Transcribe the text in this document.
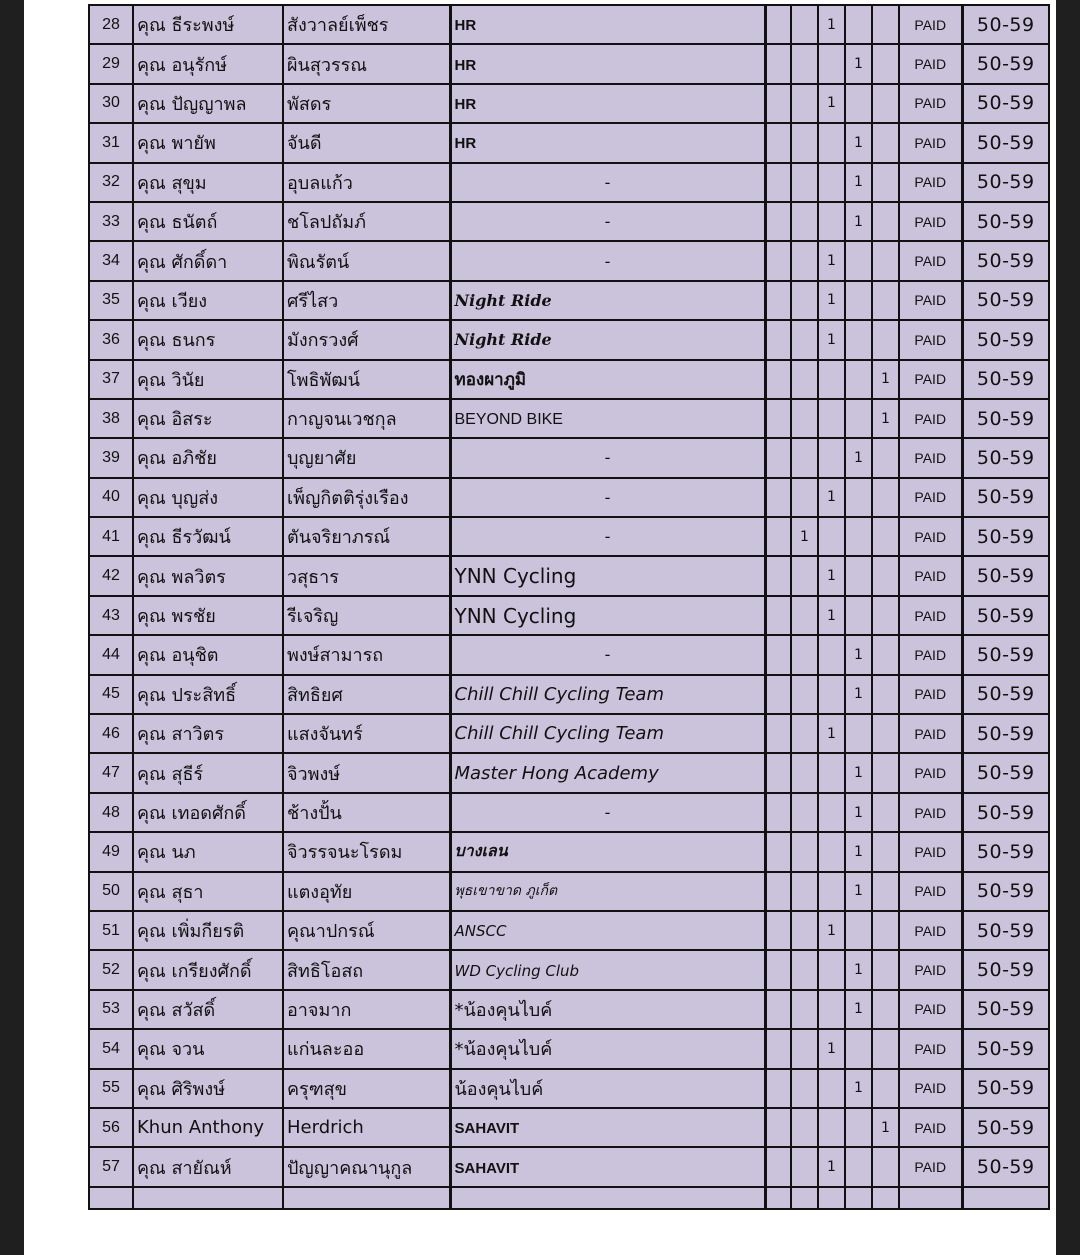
28	คุณ ธีระพงษ์	สังวาลย์เพ็ชร	HR			1			PAID	50-59
29	คุณ อนุรักษ์	ผินสุวรรณ	HR				1		PAID	50-59
30	คุณ ปัญญาพล	พัสดร	HR			1			PAID	50-59
31	คุณ พายัพ	จันดี	HR				1		PAID	50-59
32	คุณ สุขุม	อุบลแก้ว	-				1		PAID	50-59
33	คุณ ธนัตถ์	ชโลปถัมภ์	-				1		PAID	50-59
34	คุณ ศักดิ์ดา	พิณรัตน์	-			1			PAID	50-59
35	คุณ เวียง	ศรีไสว	Night Ride			1			PAID	50-59
36	คุณ ธนกร	มังกรวงศ์	Night Ride			1			PAID	50-59
37	คุณ วินัย	โพธิพัฒน์	ทองผาภูมิ					1	PAID	50-59
38	คุณ อิสระ	กาญจนเวชกุล	BEYOND BIKE					1	PAID	50-59
39	คุณ อภิชัย	บุญยาศัย	-				1		PAID	50-59
40	คุณ บุญส่ง	เพ็ญกิตติรุ่งเรือง	-			1			PAID	50-59
41	คุณ ธีรวัฒน์	ตันจริยาภรณ์	-		1				PAID	50-59
42	คุณ พลวิตร	วสุธาร	YNN Cycling			1			PAID	50-59
43	คุณ พรชัย	รีเจริญ	YNN Cycling			1			PAID	50-59
44	คุณ อนุชิต	พงษ์สามารถ	-				1		PAID	50-59
45	คุณ ประสิทธิ์	สิทธิยศ	Chill Chill Cycling Team				1		PAID	50-59
46	คุณ สาวิตร	แสงจันทร์	Chill Chill Cycling Team			1			PAID	50-59
47	คุณ สุธีร์	จิวพงษ์	Master Hong Academy				1		PAID	50-59
48	คุณ เทอดศักดิ์	ช้างปั้น	-				1		PAID	50-59
49	คุณ นภ	จิวรรจนะโรดม	บางเลน				1		PAID	50-59
50	คุณ สุธา	แตงอุทัย	พุธเขาขาด ภูเก็ต				1		PAID	50-59
51	คุณ เพิ่มกียรติ	คุณาปกรณ์	ANSCC			1			PAID	50-59
52	คุณ เกรียงศักดิ์	สิทธิโอสถ	WD Cycling Club				1		PAID	50-59
53	คุณ สวัสดิ์	อาจมาก	*น้องคุนไบค์				1		PAID	50-59
54	คุณ จวน	แก่นละออ	*น้องคุนไบค์			1			PAID	50-59
55	คุณ ศิริพงษ์	ครุฑสุข	น้องคุนไบค์				1		PAID	50-59
56	Khun Anthony	Herdrich	SAHAVIT					1	PAID	50-59
57	คุณ สายัณห์	ปัญญาคณานุกูล	SAHAVIT			1			PAID	50-59
